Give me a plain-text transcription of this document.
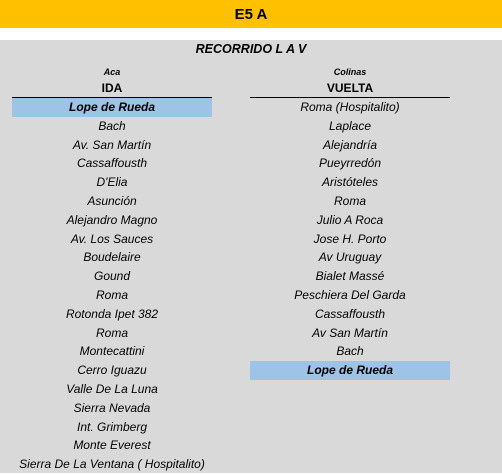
E5 A
RECORRIDO L A V
Aca
IDA
Lope de Rueda
Bach
Av. San Martín
Cassaffousth
D'Elia
Asunción
Alejandro Magno
Av. Los Sauces
Boudelaire
Gound
Roma
Rotonda Ipet 382
Roma
Montecattini
Cerro Iguazu
Valle De La Luna
Sierra Nevada
Int. Grimberg
Monte Everest
Sierra De La Ventana ( Hospitalito)
Colinas
VUELTA
Roma (Hospitalito)
Laplace
Alejandría
Pueyrredón
Aristóteles
Roma
Julio A Roca
Jose H. Porto
Av Uruguay
Bialet Massé
Peschiera Del Garda
Cassaffousth
Av San Martín
Bach
Lope de Rueda
